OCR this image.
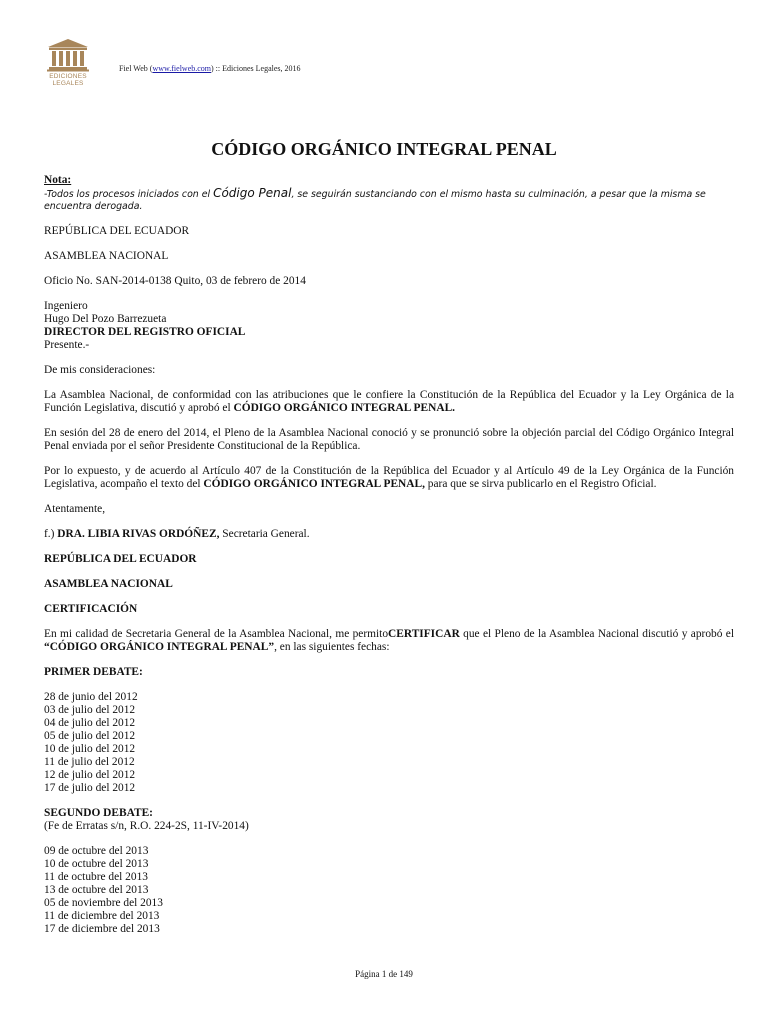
EDICIONES
LEGALES
Fiel Web (www.fielweb.com) :: Ediciones Legales, 2016
CÓDIGO ORGÁNICO INTEGRAL PENAL
Nota:
-Todos los procesos iniciados con el Código Penal, se seguirán sustanciando con el mismo hasta su culminación, a pesar que la misma se encuentra derogada.
REPÚBLICA DEL ECUADOR
ASAMBLEA NACIONAL
Oficio No. SAN-2014-0138 Quito, 03 de febrero de 2014
Ingeniero
Hugo Del Pozo Barrezueta
DIRECTOR DEL REGISTRO OFICIAL
Presente.-
De mis consideraciones:
La Asamblea Nacional, de conformidad con las atribuciones que le confiere la Constitución de la República del Ecuador y la Ley Orgánica de la Función Legislativa, discutió y aprobó el CÓDIGO ORGÁNICO INTEGRAL PENAL.
En sesión del 28 de enero del 2014, el Pleno de la Asamblea Nacional conoció y se pronunció sobre la objeción parcial del Código Orgánico Integral Penal enviada por el señor Presidente Constitucional de la República.
Por lo expuesto, y de acuerdo al Artículo 407 de la Constitución de la República del Ecuador y al Artículo 49 de la Ley Orgánica de la Función Legislativa, acompaño el texto del CÓDIGO ORGÁNICO INTEGRAL PENAL, para que se sirva publicarlo en el Registro Oficial.
Atentamente,
f.) DRA. LIBIA RIVAS ORDÓÑEZ, Secretaria General.
REPÚBLICA DEL ECUADOR
ASAMBLEA NACIONAL
CERTIFICACIÓN
En mi calidad de Secretaria General de la Asamblea Nacional, me permitoCERTIFICAR que el Pleno de la Asamblea Nacional discutió y aprobó el “CÓDIGO ORGÁNICO INTEGRAL PENAL”, en las siguientes fechas:
PRIMER DEBATE:
28 de junio del 2012
03 de julio del 2012
04 de julio del 2012
05 de julio del 2012
10 de julio del 2012
11 de julio del 2012
12 de julio del 2012
17 de julio del 2012
SEGUNDO DEBATE:
(Fe de Erratas s/n, R.O. 224-2S, 11-IV-2014)
09 de octubre del 2013
10 de octubre del 2013
11 de octubre del 2013
13 de octubre del 2013
05 de noviembre del 2013
11 de diciembre del 2013
17 de diciembre del 2013
Página 1 de 149
